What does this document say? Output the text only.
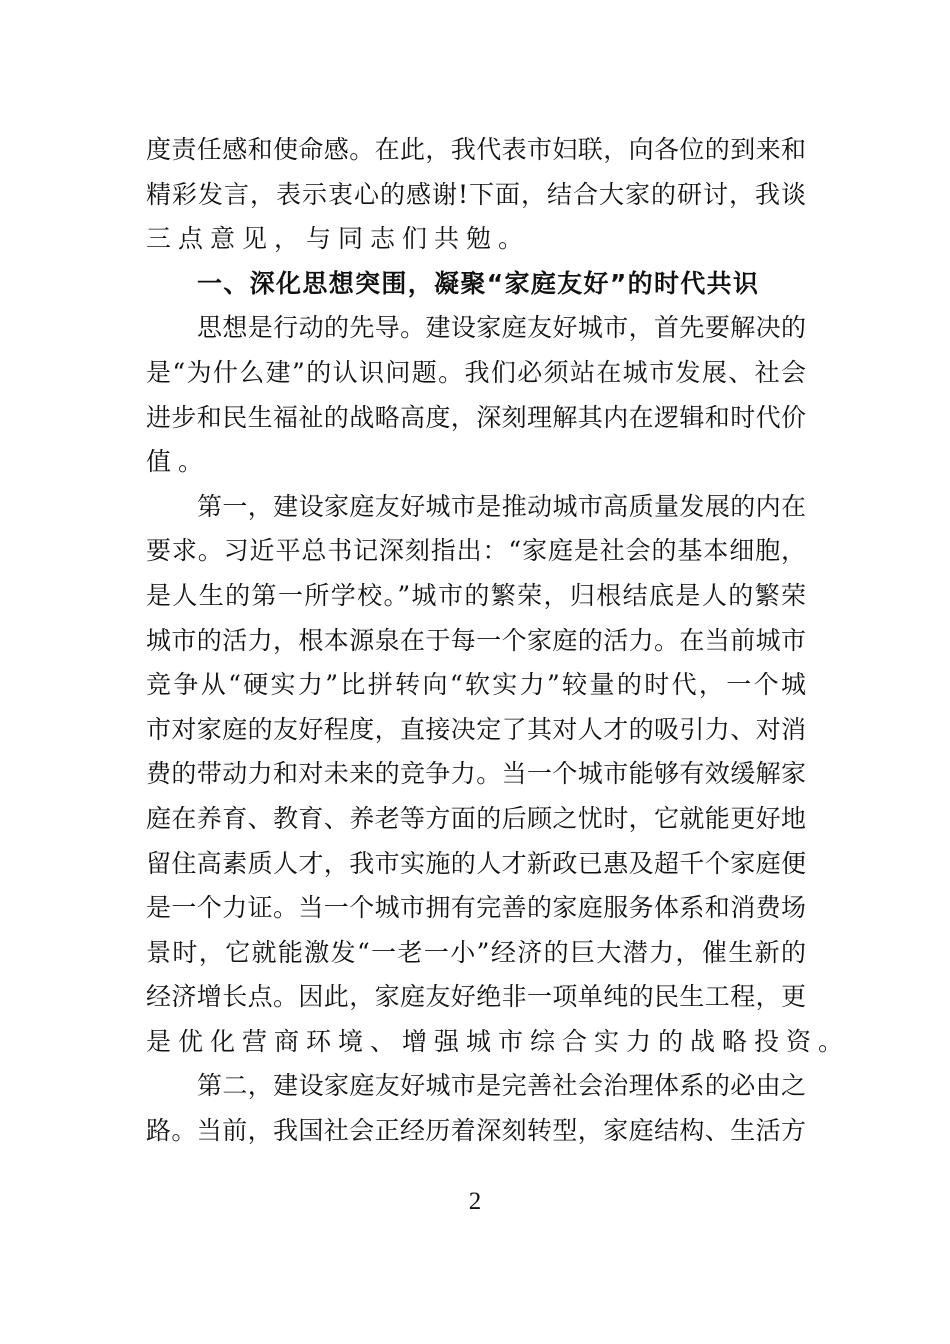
度责任感和使命感。在此，我代表市妇联，向各位的到来和
精彩发言，表示衷心的感谢!下面，结合大家的研讨，我谈
三点意见，与同志们共勉。
一、深化思想突围，凝聚“家庭友好”的时代共识
思想是行动的先导。建设家庭友好城市，首先要解决的
是“为什么建”的认识问题。我们必须站在城市发展、社会
进步和民生福祉的战略高度，深刻理解其内在逻辑和时代价
值。
第一，建设家庭友好城市是推动城市高质量发展的内在
要求。习近平总书记深刻指出：“家庭是社会的基本细胞，
是人生的第一所学校。”城市的繁荣，归根结底是人的繁荣
城市的活力，根本源泉在于每一个家庭的活力。在当前城市
竞争从“硬实力”比拼转向“软实力”较量的时代，一个城
市对家庭的友好程度，直接决定了其对人才的吸引力、对消
费的带动力和对未来的竞争力。当一个城市能够有效缓解家
庭在养育、教育、养老等方面的后顾之忧时，它就能更好地
留住高素质人才，我市实施的人才新政已惠及超千个家庭便
是一个力证。当一个城市拥有完善的家庭服务体系和消费场
景时，它就能激发“一老一小”经济的巨大潜力，催生新的
经济增长点。因此，家庭友好绝非一项单纯的民生工程，更
是优化营商环境、增强城市综合实力的战略投资。
第二，建设家庭友好城市是完善社会治理体系的必由之
路。当前，我国社会正经历着深刻转型，家庭结构、生活方
2
